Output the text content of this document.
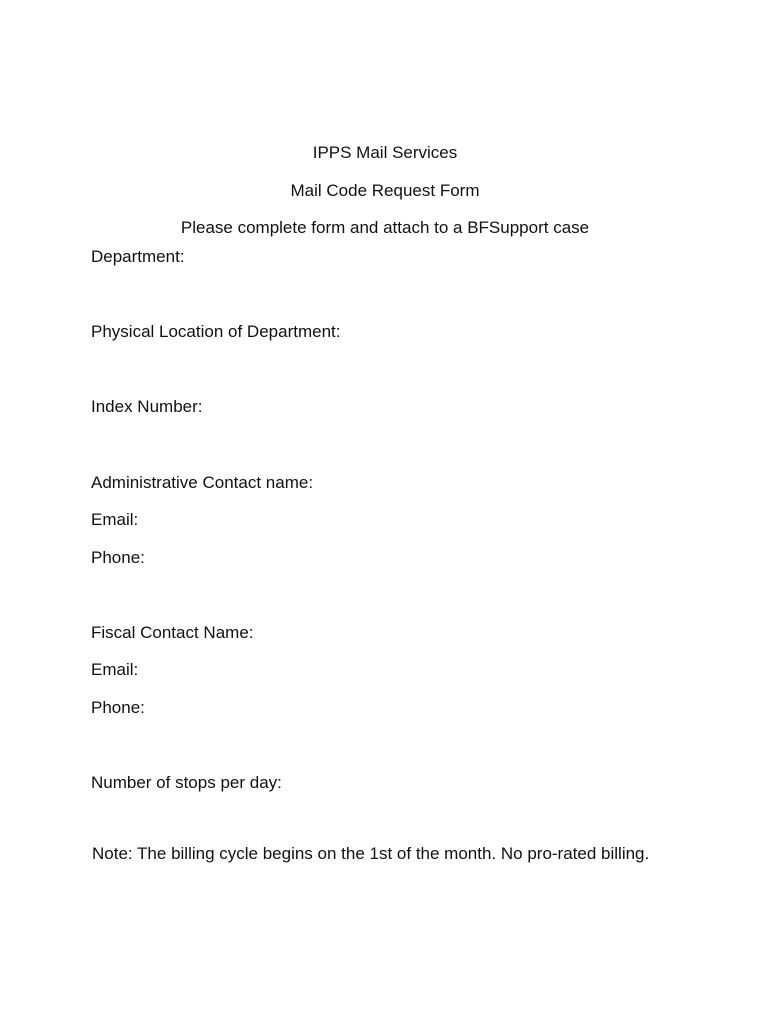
IPPS Mail Services
Mail Code Request Form
Please complete form and attach to a BFSupport case
Department:
Physical Location of Department:
Index Number:
Administrative Contact name:
Email:
Phone:
Fiscal Contact Name:
Email:
Phone:
Number of stops per day:
Note: The billing cycle begins on the 1st of the month. No pro-rated billing.
